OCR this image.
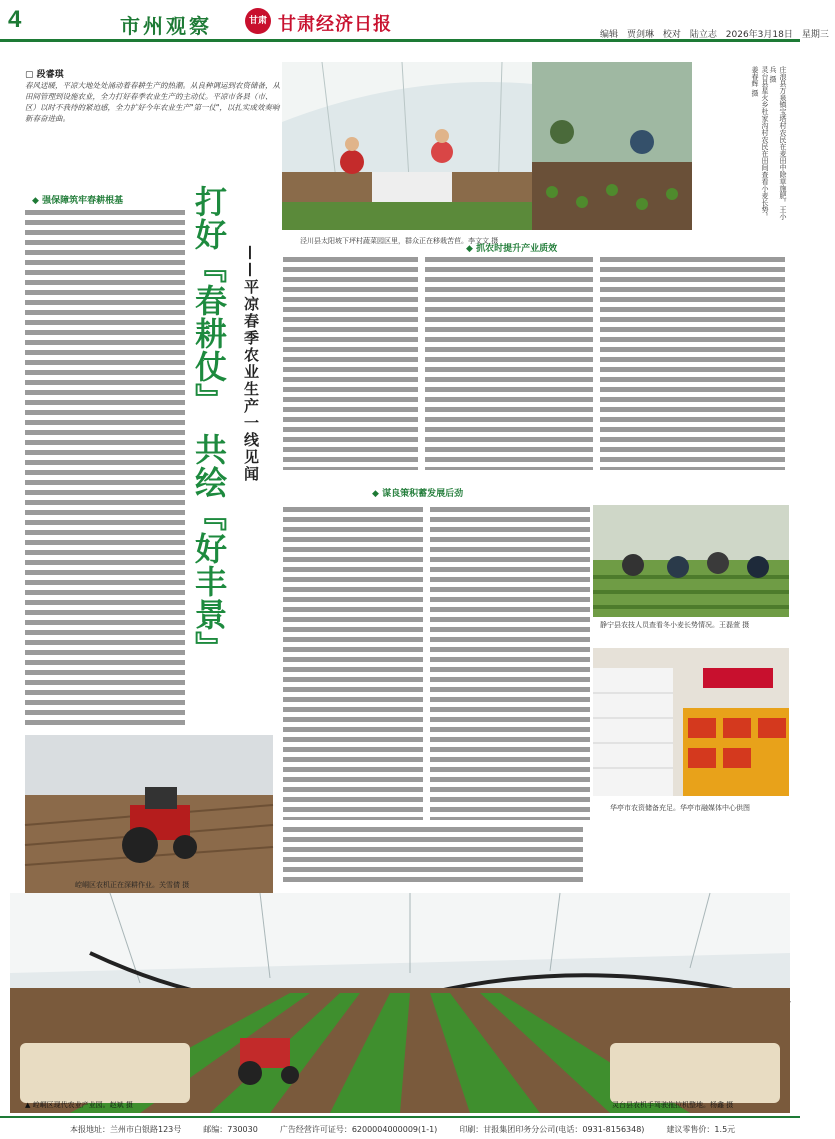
4	市州观察	甘肃 甘肃经济日报	编辑　贾剑琳 校对　陆立志 2026年3月18日　星期三
▢ 段睿琪

春风送暖，平凉大地处处涌动着春耕生产的热潮。从良种调运到农资储备，从田间管理到设施农业，全力打好春季农业生产的主动仗。平凉市各县（市、区）以时不我待的紧迫感，全力扩好今年农业生产"第一仗"，以扎实成效奏响新春奋进曲。	庄浪县万泉镇宝塔村农民在麦田中除草施肥。王小兵 摄
灵台县星火乡杜家沟村农民在田间查看小麦长势。姜春辉 摄
泾川县太阳坡下坪村蔬菜园区里，群众正在移栽苦苣。李文文 摄
打好『春耕仗』　共绘『好丰景』 ——平凉春季农业生产一线见闻
◆ 强保障筑牢春耕根基
崆峒区农机正在深耕作业。关雪倩 摄
◆ 抓农时提升产业质效
◆ 谋良策积蓄发展后劲
静宁县农技人员查看冬小麦长势情况。王磊萱 摄
华亭市农资储备充足。华亭市融媒体中心供图
▲ 崆峒区现代农业产业园。赵斌 摄	灵台县农机手驾驶拖拉机整地。杨鑫 摄
本报地址：兰州市白银路123号	邮编：730030	广告经营许可证号：6200004000009(1-1)	印刷：甘报集团印务分公司(电话：0931-8156348)	建议零售价：1.5元
